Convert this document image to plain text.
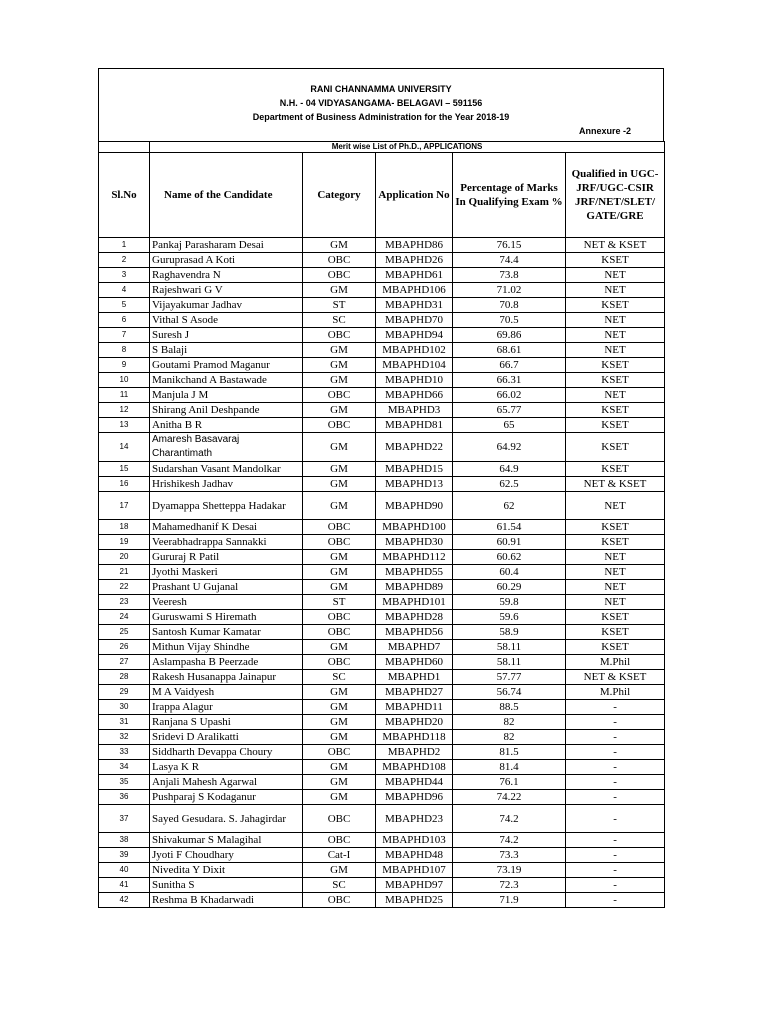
RANI CHANNAMMA UNIVERSITY
N.H. - 04 VIDYASANGAMA- BELAGAVI – 591156
Department of Business Administration for the Year 2018-19
Annexure -2
	Merit wise List of Ph.D., APPLICATIONS				
Sl.No	Name of the Candidate	Category	Application No	Percentage of Marks In Qualifying Exam %	Qualified in UGC-JRF/UGC-CSIR JRF/NET/SLET/ GATE/GRE
1	Pankaj Parasharam Desai	GM	MBAPHD86	76.15	NET & KSET
2	Guruprasad A Koti	OBC	MBAPHD26	74.4	KSET
3	Raghavendra N	OBC	MBAPHD61	73.8	NET
4	Rajeshwari G V	GM	MBAPHD106	71.02	NET
5	Vijayakumar Jadhav	ST	MBAPHD31	70.8	KSET
6	Vithal S Asode	SC	MBAPHD70	70.5	NET
7	Suresh J	OBC	MBAPHD94	69.86	NET
8	S Balaji	GM	MBAPHD102	68.61	NET
9	Goutami Pramod Maganur	GM	MBAPHD104	66.7	KSET
10	Manikchand A Bastawade	GM	MBAPHD10	66.31	KSET
11	Manjula J M	OBC	MBAPHD66	66.02	NET
12	Shirang Anil Deshpande	GM	MBAPHD3	65.77	KSET
13	Anitha B R	OBC	MBAPHD81	65	KSET
14	Amaresh Basavaraj Charantimath	GM	MBAPHD22	64.92	KSET
15	Sudarshan Vasant Mandolkar	GM	MBAPHD15	64.9	KSET
16	Hrishikesh Jadhav	GM	MBAPHD13	62.5	NET & KSET
17	Dyamappa Shetteppa Hadakar	GM	MBAPHD90	62	NET
18	Mahamedhanif K Desai	OBC	MBAPHD100	61.54	KSET
19	Veerabhadrappa Sannakki	OBC	MBAPHD30	60.91	KSET
20	Gururaj R Patil	GM	MBAPHD112	60.62	NET
21	Jyothi Maskeri	GM	MBAPHD55	60.4	NET
22	Prashant U Gujanal	GM	MBAPHD89	60.29	NET
23	Veeresh	ST	MBAPHD101	59.8	NET
24	Guruswami S Hiremath	OBC	MBAPHD28	59.6	KSET
25	Santosh Kumar Kamatar	OBC	MBAPHD56	58.9	KSET
26	Mithun Vijay Shindhe	GM	MBAPHD7	58.11	KSET
27	Aslampasha B Peerzade	OBC	MBAPHD60	58.11	M.Phil
28	Rakesh Husanappa Jainapur	SC	MBAPHD1	57.77	NET & KSET
29	M A Vaidyesh	GM	MBAPHD27	56.74	M.Phil
30	Irappa Alagur	GM	MBAPHD11	88.5	-
31	Ranjana S Upashi	GM	MBAPHD20	82	-
32	Sridevi D Aralikatti	GM	MBAPHD118	82	-
33	Siddharth Devappa Choury	OBC	MBAPHD2	81.5	-
34	Lasya K R	GM	MBAPHD108	81.4	-
35	Anjali Mahesh Agarwal	GM	MBAPHD44	76.1	-
36	Pushparaj S Kodaganur	GM	MBAPHD96	74.22	-
37	Sayed Gesudara. S. Jahagirdar	OBC	MBAPHD23	74.2	-
38	Shivakumar S Malagihal	OBC	MBAPHD103	74.2	-
39	Jyoti F Choudhary	Cat-I	MBAPHD48	73.3	-
40	Nivedita Y Dixit	GM	MBAPHD107	73.19	-
41	Sunitha S	SC	MBAPHD97	72.3	-
42	Reshma B Khadarwadi	OBC	MBAPHD25	71.9	-
